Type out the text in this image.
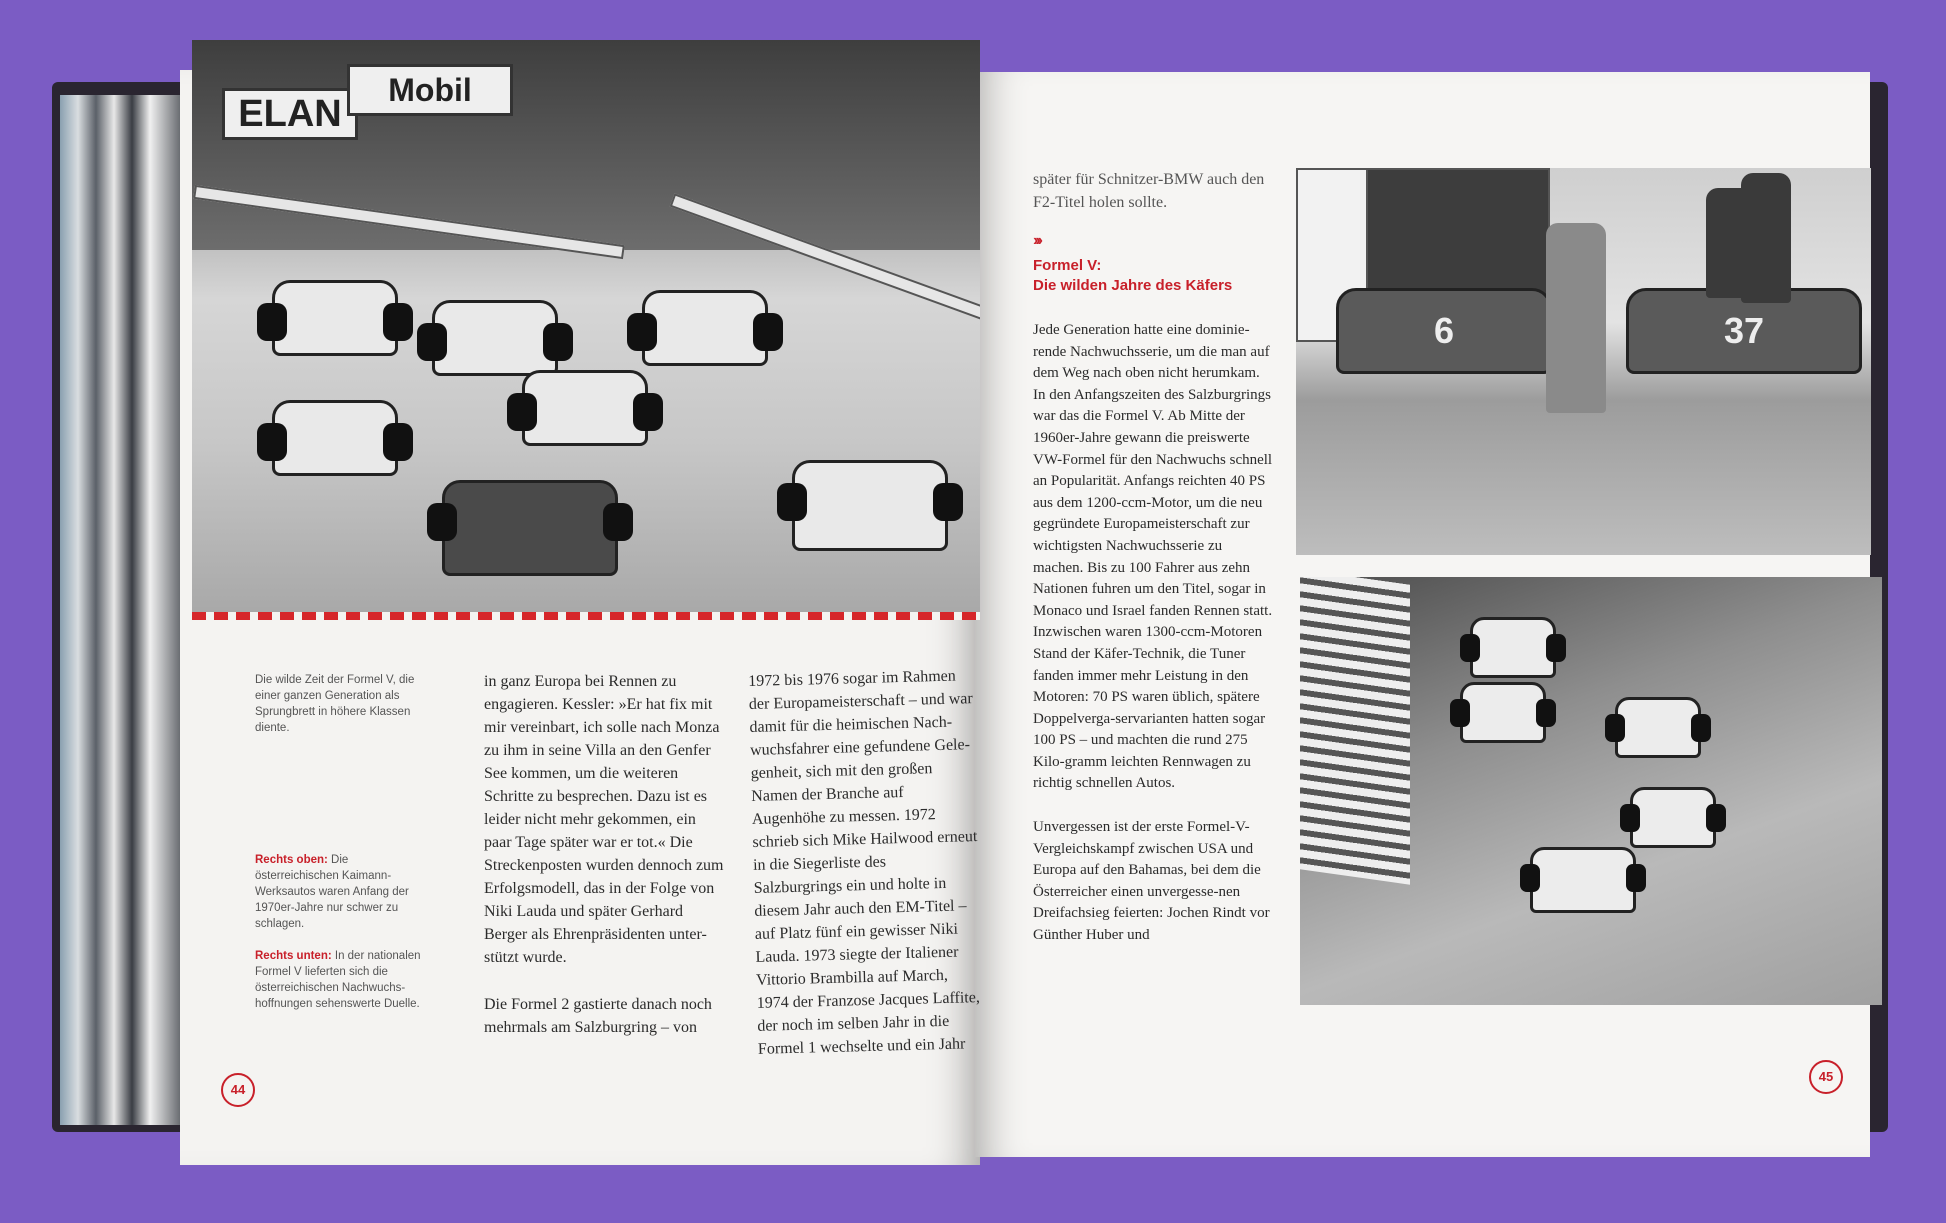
ELAN
Mobil
Die wilde Zeit der Formel V, die einer ganzen Generation als Sprungbrett in höhere Klassen diente.
Rechts oben: Die österreichischen Kaimann-Werksautos waren Anfang der 1970er-Jahre nur schwer zu schlagen.
Rechts unten: In der nationalen Formel V lieferten sich die österreichischen Nachwuchs-hoffnungen sehenswerte Duelle.

in ganz Europa bei Rennen zu engagieren. Kessler: »Er hat fix mit mir vereinbart, ich solle nach Monza zu ihm in seine Villa an den Genfer See kommen, um die weiteren Schritte zu besprechen. Dazu ist es leider nicht mehr gekommen, ein paar Tage später war er tot.« Die Streckenposten wurden dennoch zum Erfolgsmodell, das in der Folge von Niki Lauda und später Gerhard Berger als Ehrenpräsidenten unter-stützt wurde.

Die Formel 2 gastierte danach noch mehrmals am Salzburgring – von

1972 bis 1976 sogar im Rahmen der Europameisterschaft – und war damit für die heimischen Nach-wuchsfahrer eine gefundene Gele-genheit, sich mit den großen Namen der Branche auf Augenhöhe zu messen. 1972 schrieb sich Mike Hailwood erneut in die Siegerliste des Salzburgrings ein und holte in diesem Jahr auch den EM-Titel – auf Platz fünf ein gewisser Niki Lauda. 1973 siegte der Italiener Vittorio Brambilla auf March, 1974 der Franzose Jacques Laffite, der noch im selben Jahr in die Formel 1 wechselte und ein Jahr

44
später für Schnitzer-BMW auch den F2-Titel holen sollte.
›››
Formel V:
Die wilden Jahre des Käfers

Jede Generation hatte eine dominie-rende Nachwuchsserie, um die man auf dem Weg nach oben nicht herumkam. In den Anfangszeiten des Salzburgrings war das die Formel V. Ab Mitte der 1960er-Jahre gewann die preiswerte VW-Formel für den Nachwuchs schnell an Popularität. Anfangs reichten 40 PS aus dem 1200-ccm-Motor, um die neu gegründete Europameisterschaft zur wichtigsten Nachwuchsserie zu machen. Bis zu 100 Fahrer aus zehn Nationen fuhren um den Titel, sogar in Monaco und Israel fanden Rennen statt. Inzwischen waren 1300-ccm-Motoren Stand der Käfer-Technik, die Tuner fanden immer mehr Leistung in den Motoren: 70 PS waren üblich, spätere Doppelverga-servarianten hatten sogar 100 PS – und machten die rund 275 Kilo-gramm leichten Rennwagen zu richtig schnellen Autos.

Unvergessen ist der erste Formel-V-Vergleichskampf zwischen USA und Europa auf den Bahamas, bei dem die Österreicher einen unvergesse-nen Dreifachsieg feierten: Jochen Rindt vor Günther Huber und

6	37
45
